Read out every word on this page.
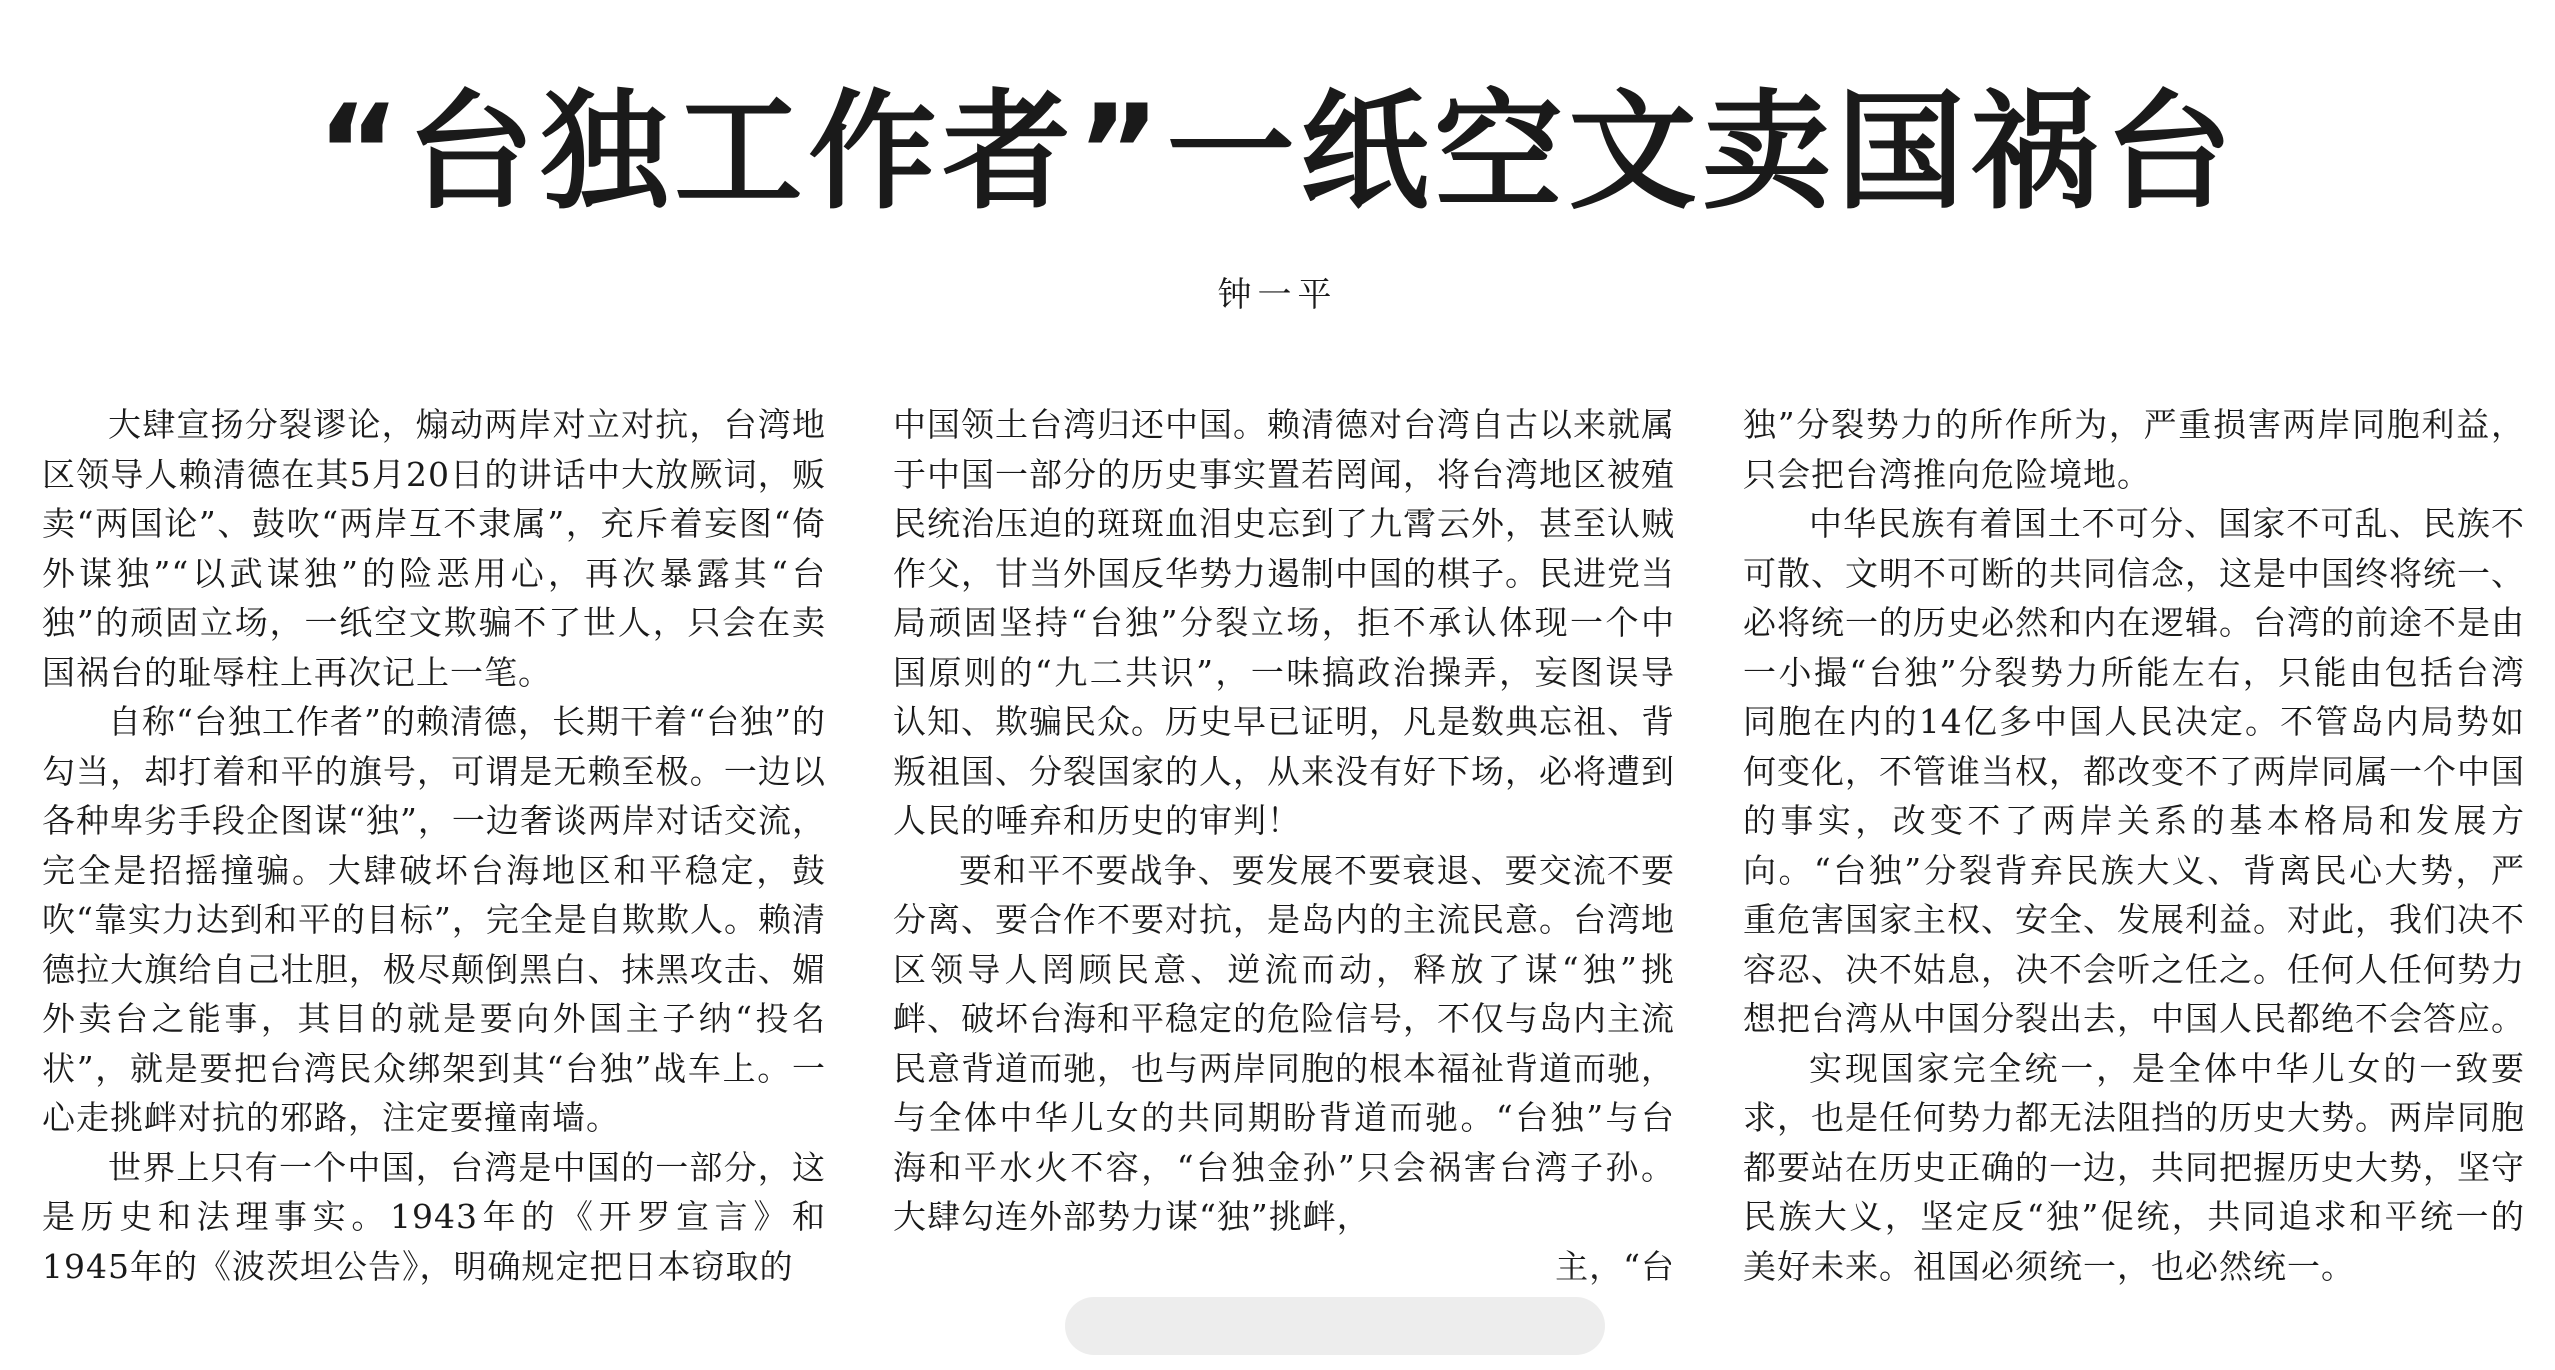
“台独工作者”一纸空文卖国祸台
钟一平

大肆宣扬分裂谬论，煽动两岸对立对抗，台湾地区领导人赖清德在其5月20日的讲话中大放厥词，贩卖“两国论”、鼓吹“两岸互不隶属”，充斥着妄图“倚外谋独”“以武谋独”的险恶用心，再次暴露其“台独”的顽固立场，一纸空文欺骗不了世人，只会在卖国祸台的耻辱柱上再次记上一笔。

自称“台独工作者”的赖清德，长期干着“台独”的勾当，却打着和平的旗号，可谓是无赖至极。一边以各种卑劣手段企图谋“独”，一边奢谈两岸对话交流，完全是招摇撞骗。大肆破坏台海地区和平稳定，鼓吹“靠实力达到和平的目标”，完全是自欺欺人。赖清德拉大旗给自己壮胆，极尽颠倒黑白、抹黑攻击、媚外卖台之能事，其目的就是要向外国主子纳“投名状”，就是要把台湾民众绑架到其“台独”战车上。一心走挑衅对抗的邪路，注定要撞南墙。

世界上只有一个中国，台湾是中国的一部分，这是历史和法理事实。1943年的《开罗宣言》和1945年的《波茨坦公告》，明确规定把日本窃取的

中国领土台湾归还中国。赖清德对台湾自古以来就属于中国一部分的历史事实置若罔闻，将台湾地区被殖民统治压迫的斑斑血泪史忘到了九霄云外，甚至认贼作父，甘当外国反华势力遏制中国的棋子。民进党当局顽固坚持“台独”分裂立场，拒不承认体现一个中国原则的“九二共识”，一味搞政治操弄，妄图误导认知、欺骗民众。历史早已证明，凡是数典忘祖、背叛祖国、分裂国家的人，从来没有好下场，必将遭到人民的唾弃和历史的审判！

要和平不要战争、要发展不要衰退、要交流不要分离、要合作不要对抗，是岛内的主流民意。台湾地区领导人罔顾民意、逆流而动，释放了谋“独”挑衅、破坏台海和平稳定的危险信号，不仅与岛内主流民意背道而驰，也与两岸同胞的根本福祉背道而驰，与全体中华儿女的共同期盼背道而驰。“台独”与台海和平水火不容，“台独金孙”只会祸害台湾子孙。大肆勾连外部势力谋“独”挑衅，

主，“台

独”分裂势力的所作所为，严重损害两岸同胞利益，只会把台湾推向危险境地。

中华民族有着国土不可分、国家不可乱、民族不可散、文明不可断的共同信念，这是中国终将统一、必将统一的历史必然和内在逻辑。台湾的前途不是由一小撮“台独”分裂势力所能左右，只能由包括台湾同胞在内的14亿多中国人民决定。不管岛内局势如何变化，不管谁当权，都改变不了两岸同属一个中国的事实，改变不了两岸关系的基本格局和发展方向。“台独”分裂背弃民族大义、背离民心大势，严重危害国家主权、安全、发展利益。对此，我们决不容忍、决不姑息，决不会听之任之。任何人任何势力想把台湾从中国分裂出去，中国人民都绝不会答应。

实现国家完全统一，是全体中华儿女的一致要求，也是任何势力都无法阻挡的历史大势。两岸同胞都要站在历史正确的一边，共同把握历史大势，坚守民族大义，坚定反“独”促统，共同追求和平统一的美好未来。祖国必须统一，也必然统一。
